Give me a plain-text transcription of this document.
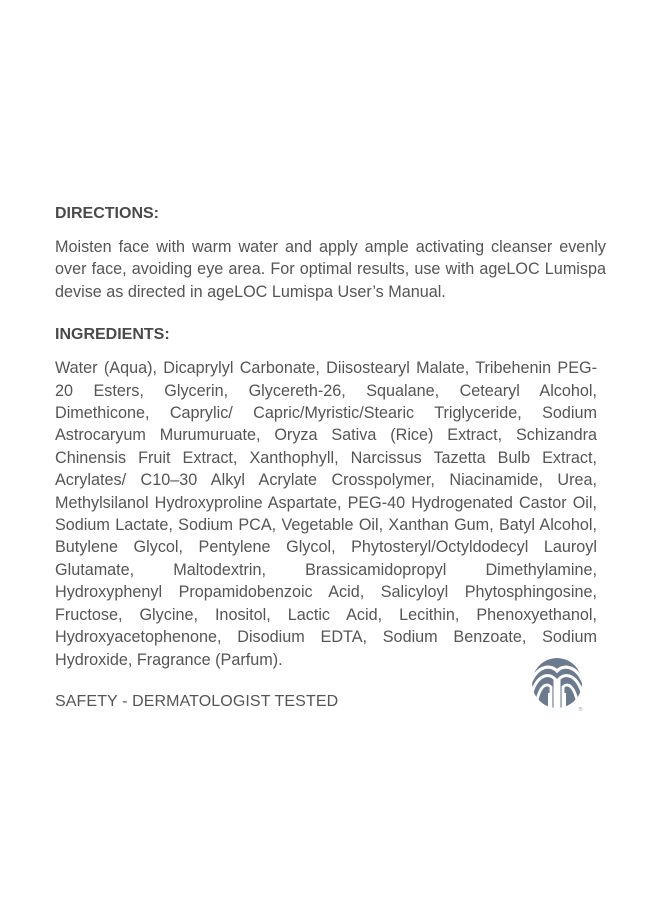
DIRECTIONS:

Moisten face with warm water and apply ample activating cleanser evenly over face, avoiding eye area. For optimal results, use with ageLOC Lumispa devise as directed in ageLOC Lumispa User’s Manual.

INGREDIENTS:

Water (Aqua), Dicaprylyl Carbonate, Diisostearyl Malate, Tribehenin PEG-20 Esters, Glycerin, Glycereth-26, Squalane, Cetearyl Alcohol, Dimethicone, Caprylic/ Capric/Myristic/Stearic Triglyceride, Sodium Astrocaryum Murumuruate, Oryza Sativa (Rice) Extract, Schizandra Chinensis Fruit Extract, Xanthophyll, Narcissus Tazetta Bulb Extract, Acrylates/ C10–30 Alkyl Acrylate Crosspolymer, Niacinamide, Urea, Methylsilanol Hydroxyproline Aspartate, PEG-40 Hydrogenated Castor Oil, Sodium Lactate, Sodium PCA, Vegetable Oil, Xanthan Gum, Batyl Alcohol, Butylene Glycol, Pentylene Glycol, Phytosteryl/Octyldodecyl Lauroyl Glutamate, Maltodextrin, Brassicamidopropyl Dimethylamine, Hydroxyphenyl Propamidobenzoic Acid, Salicyloyl Phytosphingosine, Fructose, Glycine, Inositol, Lactic Acid, Lecithin, Phenoxyethanol, Hydroxyacetophenone, Disodium EDTA, Sodium Benzoate, Sodium Hydroxide, Fragrance (Parfum).

SAFETY - DERMATOLOGIST TESTED
®
